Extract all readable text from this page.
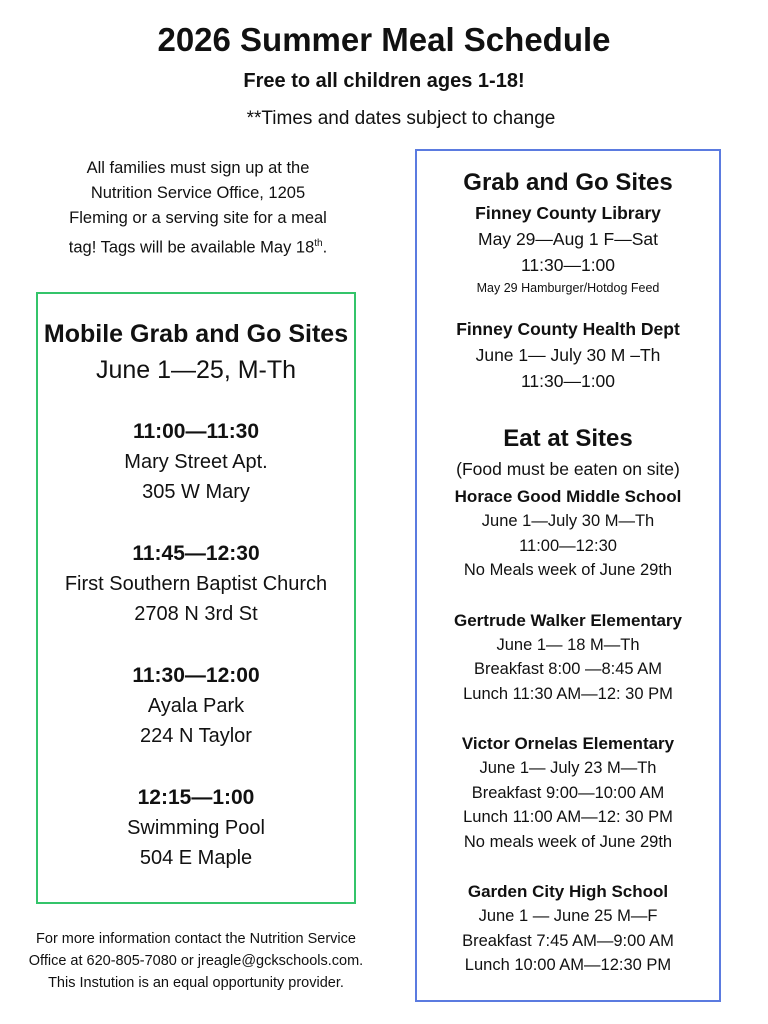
2026 Summer Meal Schedule
Free to all children ages 1-18!
**Times and dates subject to change
All families must sign up at the Nutrition Service Office, 1205 Fleming or a serving site for a meal tag! Tags will be available May 18th.
Mobile Grab and Go Sites
June 1—25, M-Th
11:00—11:30
Mary Street Apt.
305 W Mary
11:45—12:30
First Southern Baptist Church
2708 N 3rd St
11:30—12:00
Ayala Park
224 N Taylor
12:15—1:00
Swimming Pool
504 E Maple
Grab and Go Sites
Finney County Library
May 29—Aug 1 F—Sat
11:30—1:00
May 29 Hamburger/Hotdog Feed
Finney County Health Dept
June 1— July 30 M –Th
11:30—1:00
Eat at Sites
(Food must be eaten on site)
Horace Good Middle School
June 1—July 30 M—Th
11:00—12:30
No Meals week of June 29th
Gertrude Walker Elementary
June 1— 18 M—Th
Breakfast 8:00 —8:45 AM
Lunch 11:30 AM—12: 30 PM
Victor Ornelas Elementary
June 1— July 23 M—Th
Breakfast 9:00—10:00 AM
Lunch 11:00 AM—12: 30 PM
No meals week of June 29th
Garden City High School
June 1 — June 25 M—F
Breakfast 7:45 AM—9:00 AM
Lunch 10:00 AM—12:30 PM
For more information contact the Nutrition Service
Office at 620-805-7080 or jreagle@gckschools.com.
This Instution is an equal opportunity provider.
